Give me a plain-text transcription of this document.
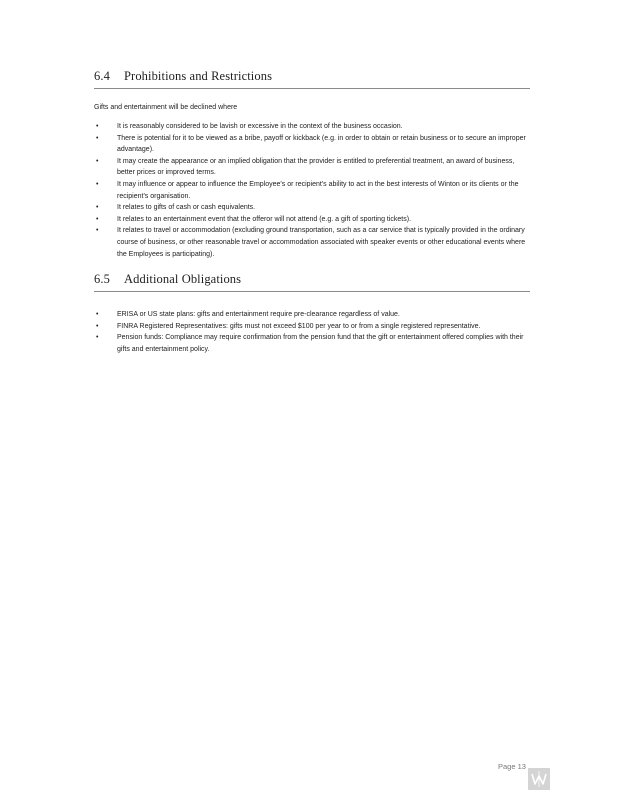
6.4 Prohibitions and Restrictions
Gifts and entertainment will be declined where
•	It is reasonably considered to be lavish or excessive in the context of the business occasion.
•	There is potential for it to be viewed as a bribe, payoff or kickback (e.g. in order to obtain or retain business or to secure an improper advantage).
•	It may create the appearance or an implied obligation that the provider is entitled to preferential treatment, an award of business, better prices or improved terms.
•	It may influence or appear to influence the Employee's or recipient's ability to act in the best interests of Winton or its clients or the recipient's organisation.
•	It relates to gifts of cash or cash equivalents.
•	It relates to an entertainment event that the offeror will not attend (e.g. a gift of sporting tickets).
•	It relates to travel or accommodation (excluding ground transportation, such as a car service that is typically provided in the ordinary course of business, or other reasonable travel or accommodation associated with speaker events or other educational events where the Employees is participating).
6.5 Additional Obligations
•	ERISA or US state plans: gifts and entertainment require pre-clearance regardless of value.
•	FINRA Registered Representatives: gifts must not exceed $100 per year to or from a single registered representative.
•	Pension funds: Compliance may require confirmation from the pension fund that the gift or entertainment offered complies with their gifts and entertainment policy.
Page 13
